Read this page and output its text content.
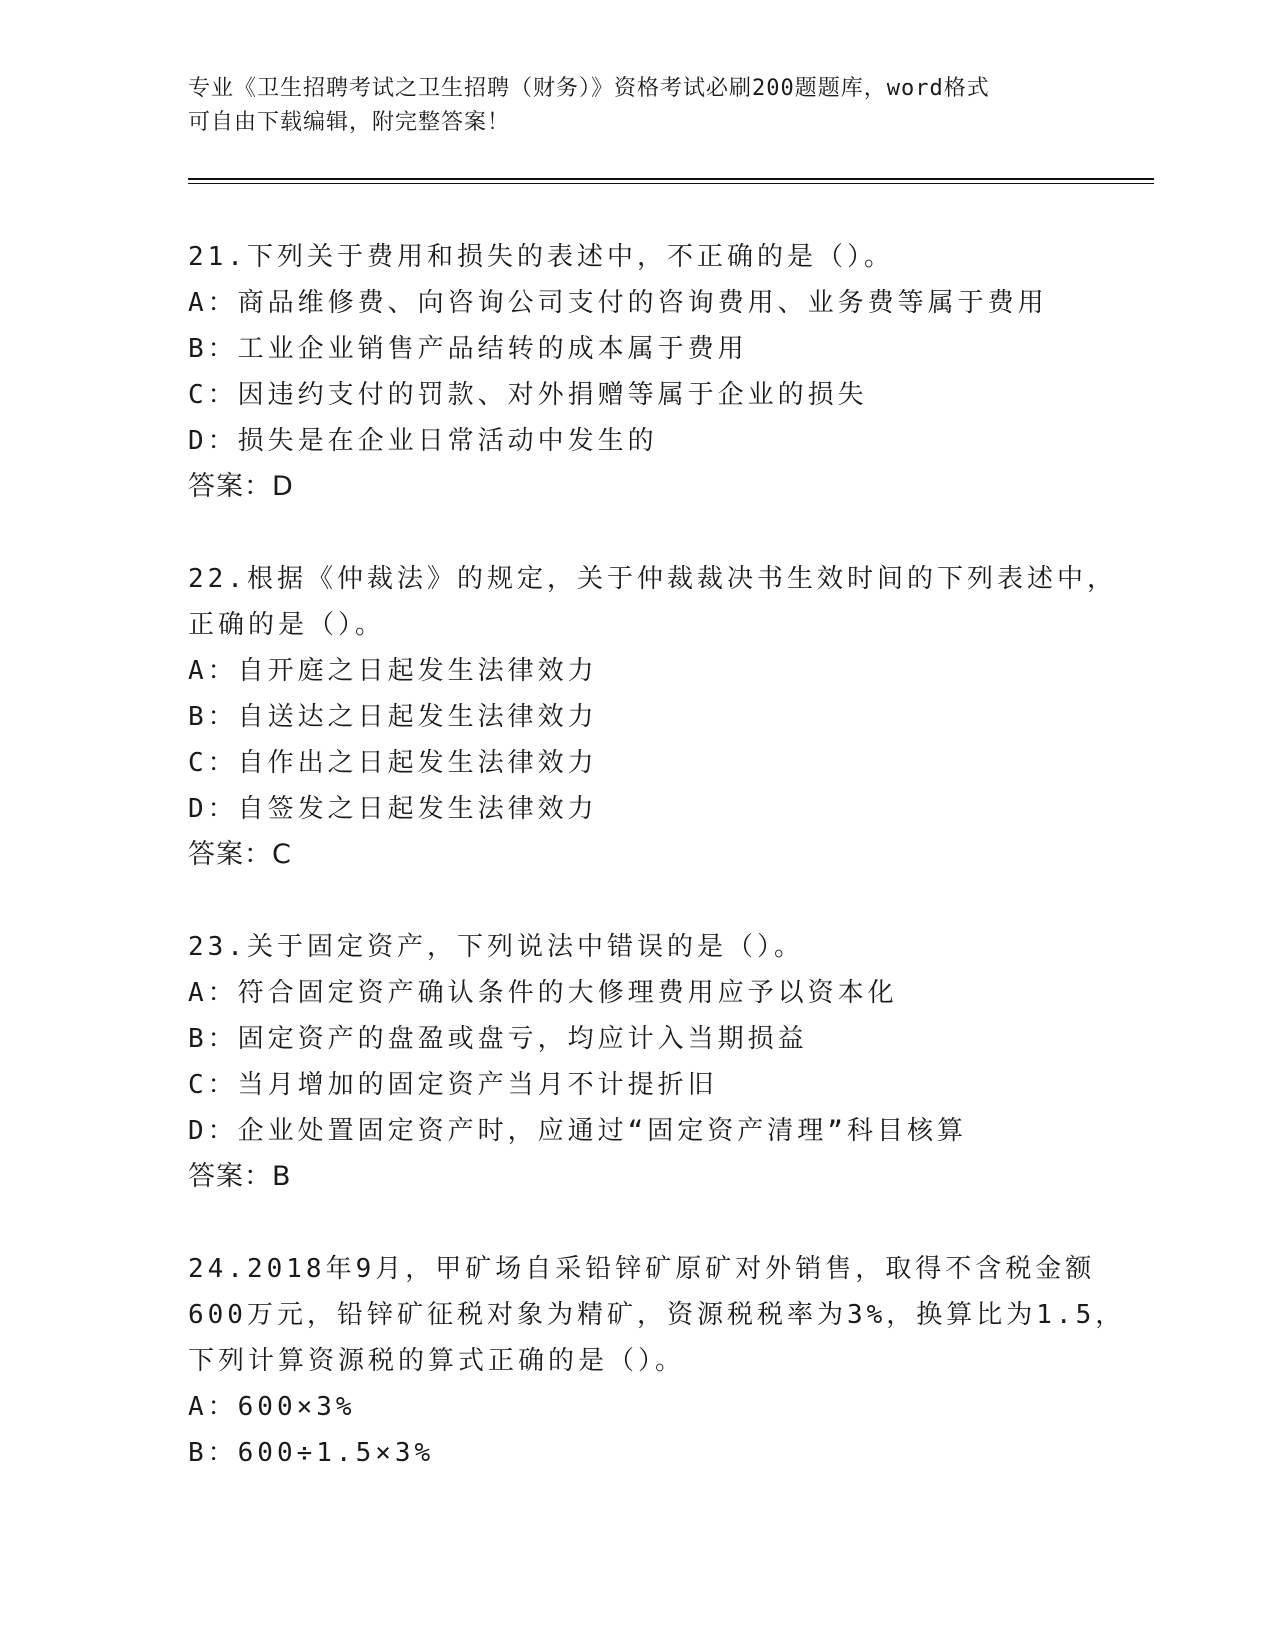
专业《卫生招聘考试之卫生招聘（财务）》资格考试必刷200题题库，word格式
可自由下载编辑，附完整答案！
21.下列关于费用和损失的表述中，不正确的是（）。
A：商品维修费、向咨询公司支付的咨询费用、业务费等属于费用
B：工业企业销售产品结转的成本属于费用
C：因违约支付的罚款、对外捐赠等属于企业的损失
D：损失是在企业日常活动中发生的
答案：D
22.根据《仲裁法》的规定，关于仲裁裁决书生效时间的下列表述中，
正确的是（）。
A：自开庭之日起发生法律效力
B：自送达之日起发生法律效力
C：自作出之日起发生法律效力
D：自签发之日起发生法律效力
答案：C
23.关于固定资产，下列说法中错误的是（）。
A：符合固定资产确认条件的大修理费用应予以资本化
B：固定资产的盘盈或盘亏，均应计入当期损益
C：当月增加的固定资产当月不计提折旧
D：企业处置固定资产时，应通过“固定资产清理”科目核算
答案：B
24.2018年9月，甲矿场自采铅锌矿原矿对外销售，取得不含税金额
600万元，铅锌矿征税对象为精矿，资源税税率为3%，换算比为1.5，
下列计算资源税的算式正确的是（）。
A：600×3%
B：600÷1.5×3%
